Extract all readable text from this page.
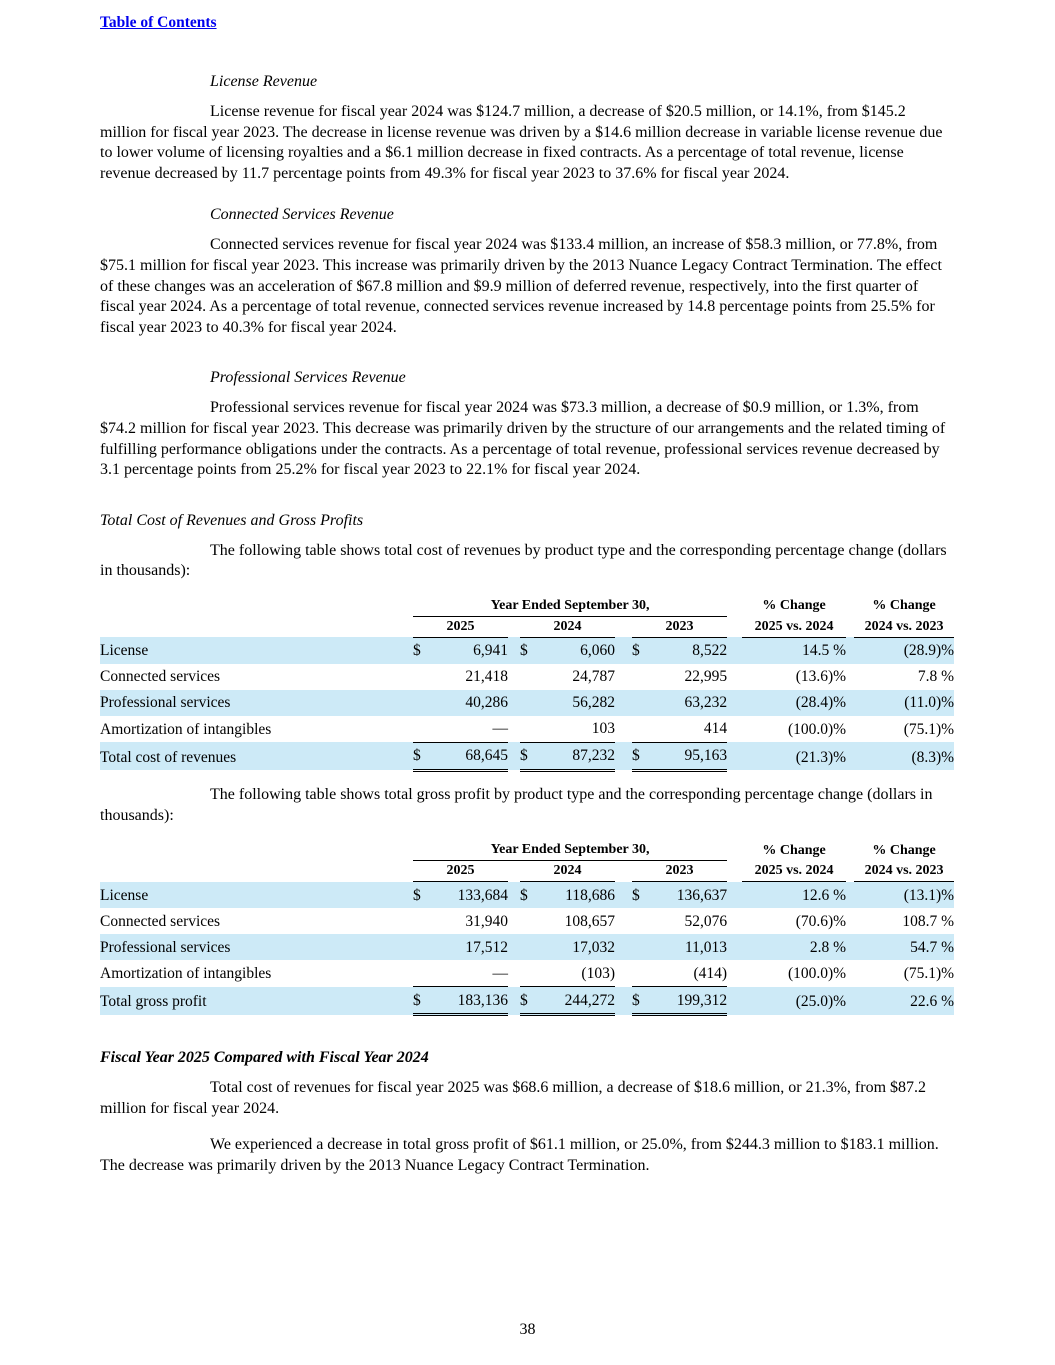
Table of Contents
License Revenue

License revenue for fiscal year 2024 was $124.7 million, a decrease of $20.5 million, or 14.1%, from $145.2 million for fiscal year 2023. The decrease in license revenue was driven by a $14.6 million decrease in variable license revenue due to lower volume of licensing royalties and a $6.1 million decrease in fixed contracts. As a percentage of total revenue, license revenue decreased by 11.7 percentage points from 49.3% for fiscal year 2023 to 37.6% for fiscal year 2024.

Connected Services Revenue

Connected services revenue for fiscal year 2024 was $133.4 million, an increase of $58.3 million, or 77.8%, from $75.1 million for fiscal year 2023. This increase was primarily driven by the 2013 Nuance Legacy Contract Termination. The effect of these changes was an acceleration of $67.8 million and $9.9 million of deferred revenue, respectively, into the first quarter of fiscal year 2024. As a percentage of total revenue, connected services revenue increased by 14.8 percentage points from 25.5% for fiscal year 2023 to 40.3% for fiscal year 2024.

Professional Services Revenue

Professional services revenue for fiscal year 2024 was $73.3 million, a decrease of $0.9 million, or 1.3%, from $74.2 million for fiscal year 2023. This decrease was primarily driven by the structure of our arrangements and the related timing of fulfilling performance obligations under the contracts. As a percentage of total revenue, professional services revenue decreased by 3.1 percentage points from 25.2% for fiscal year 2023 to 22.1% for fiscal year 2024.

Total Cost of Revenues and Gross Profits

The following table shows total cost of revenues by product type and the corresponding percentage change (dollars in thousands):

	Year Ended September 30,									% Change		% Change
	2025			2024			2023			2025 vs. 2024		2024 vs. 2023
License	$	6,941		$	6,060		$	8,522		14.5 %		(28.9)%
Connected services		21,418			24,787			22,995		(13.6)%		7.8 %
Professional services		40,286			56,282			63,232		(28.4)%		(11.0)%
Amortization of intangibles		—			103			414		(100.0)%		(75.1)%
Total cost of revenues	$	68,645		$	87,232		$	95,163		(21.3)%		(8.3)%

The following table shows total gross profit by product type and the corresponding percentage change (dollars in thousands):

	Year Ended September 30,									% Change		% Change
	2025			2024			2023			2025 vs. 2024		2024 vs. 2023
License	$	133,684		$	118,686		$	136,637		12.6 %		(13.1)%
Connected services		31,940			108,657			52,076		(70.6)%		108.7 %
Professional services		17,512			17,032			11,013		2.8 %		54.7 %
Amortization of intangibles		—			(103)			(414)		(100.0)%		(75.1)%
Total gross profit	$	183,136		$	244,272		$	199,312		(25.0)%		22.6 %
Fiscal Year 2025 Compared with Fiscal Year 2024

Total cost of revenues for fiscal year 2025 was $68.6 million, a decrease of $18.6 million, or 21.3%, from $87.2 million for fiscal year 2024.

We experienced a decrease in total gross profit of $61.1 million, or 25.0%, from $244.3 million to $183.1 million. The decrease was primarily driven by the 2013 Nuance Legacy Contract Termination.

38
